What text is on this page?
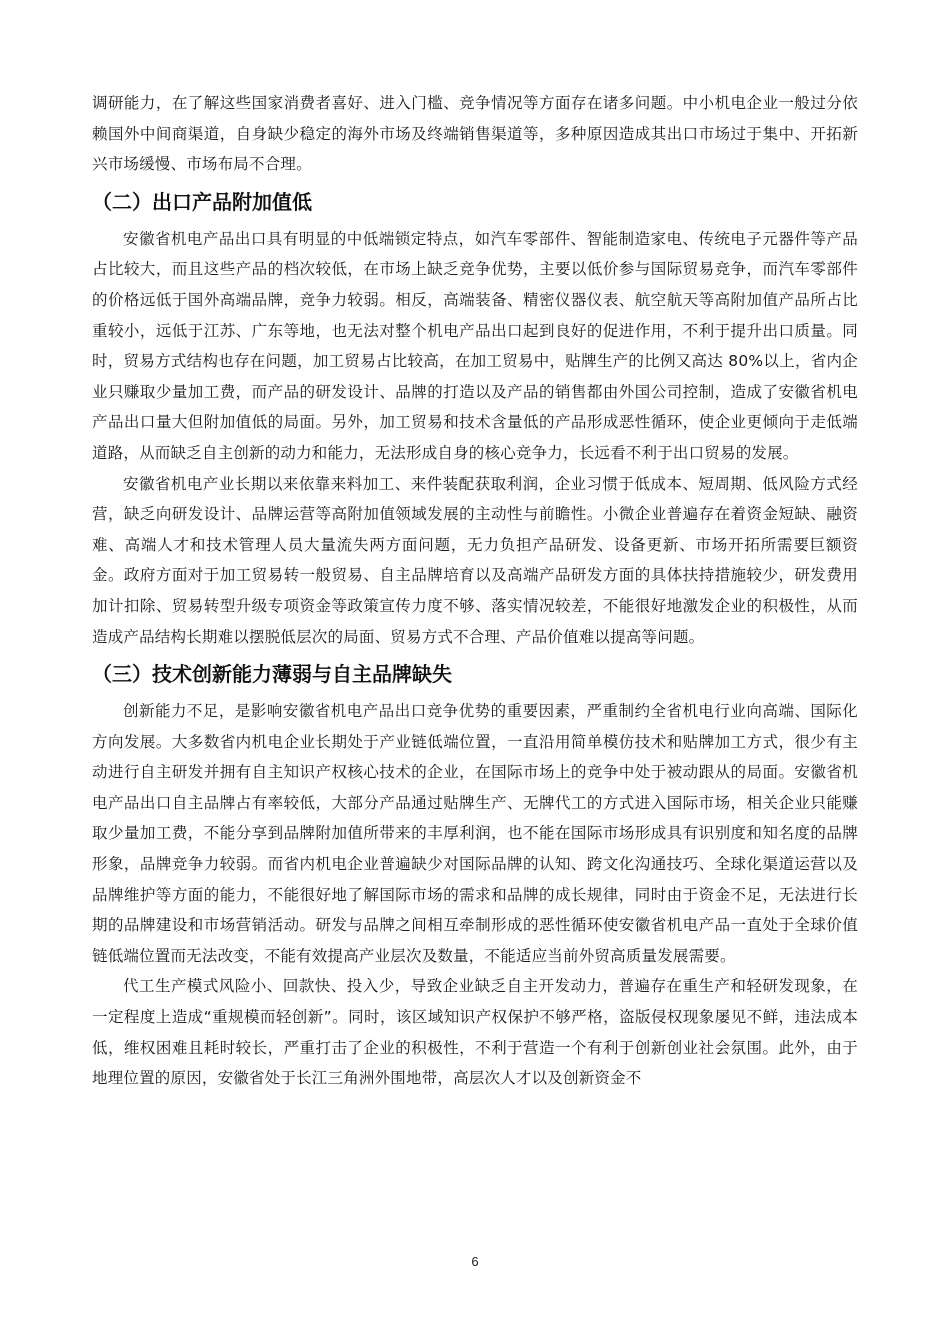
调研能力，在了解这些国家消费者喜好、进入门槛、竞争情况等方面存在诸多问题。中小机电企业一般过分依赖国外中间商渠道，自身缺少稳定的海外市场及终端销售渠道等，多种原因造成其出口市场过于集中、开拓新兴市场缓慢、市场布局不合理。

（二）出口产品附加值低

安徽省机电产品出口具有明显的中低端锁定特点，如汽车零部件、智能制造家电、传统电子元器件等产品占比较大，而且这些产品的档次较低，在市场上缺乏竞争优势，主要以低价参与国际贸易竞争，而汽车零部件的价格远低于国外高端品牌，竞争力较弱。相反，高端装备、精密仪器仪表、航空航天等高附加值产品所占比重较小，远低于江苏、广东等地，也无法对整个机电产品出口起到良好的促进作用，不利于提升出口质量。同时，贸易方式结构也存在问题，加工贸易占比较高，在加工贸易中，贴牌生产的比例又高达 80%以上，省内企业只赚取少量加工费，而产品的研发设计、品牌的打造以及产品的销售都由外国公司控制，造成了安徽省机电产品出口量大但附加值低的局面。另外，加工贸易和技术含量低的产品形成恶性循环，使企业更倾向于走低端道路，从而缺乏自主创新的动力和能力，无法形成自身的核心竞争力，长远看不利于出口贸易的发展。

安徽省机电产业长期以来依靠来料加工、来件装配获取利润，企业习惯于低成本、短周期、低风险方式经营，缺乏向研发设计、品牌运营等高附加值领域发展的主动性与前瞻性。小微企业普遍存在着资金短缺、融资难、高端人才和技术管理人员大量流失两方面问题，无力负担产品研发、设备更新、市场开拓所需要巨额资金。政府方面对于加工贸易转一般贸易、自主品牌培育以及高端产品研发方面的具体扶持措施较少，研发费用加计扣除、贸易转型升级专项资金等政策宣传力度不够、落实情况较差，不能很好地激发企业的积极性，从而造成产品结构长期难以摆脱低层次的局面、贸易方式不合理、产品价值难以提高等问题。

（三）技术创新能力薄弱与自主品牌缺失

创新能力不足，是影响安徽省机电产品出口竞争优势的重要因素，严重制约全省机电行业向高端、国际化方向发展。大多数省内机电企业长期处于产业链低端位置，一直沿用简单模仿技术和贴牌加工方式，很少有主动进行自主研发并拥有自主知识产权核心技术的企业，在国际市场上的竞争中处于被动跟从的局面。安徽省机电产品出口自主品牌占有率较低，大部分产品通过贴牌生产、无牌代工的方式进入国际市场，相关企业只能赚取少量加工费，不能分享到品牌附加值所带来的丰厚利润，也不能在国际市场形成具有识别度和知名度的品牌形象，品牌竞争力较弱。而省内机电企业普遍缺少对国际品牌的认知、跨文化沟通技巧、全球化渠道运营以及品牌维护等方面的能力，不能很好地了解国际市场的需求和品牌的成长规律，同时由于资金不足，无法进行长期的品牌建设和市场营销活动。研发与品牌之间相互牵制形成的恶性循环使安徽省机电产品一直处于全球价值链低端位置而无法改变，不能有效提高产业层次及数量，不能适应当前外贸高质量发展需要。

代工生产模式风险小、回款快、投入少，导致企业缺乏自主开发动力，普遍存在重生产和轻研发现象，在一定程度上造成“重规模而轻创新”。同时，该区域知识产权保护不够严格，盗版侵权现象屡见不鲜，违法成本低，维权困难且耗时较长，严重打击了企业的积极性，不利于营造一个有利于创新创业社会氛围。此外，由于地理位置的原因，安徽省处于长江三角洲外围地带，高层次人才以及创新资金不

6
